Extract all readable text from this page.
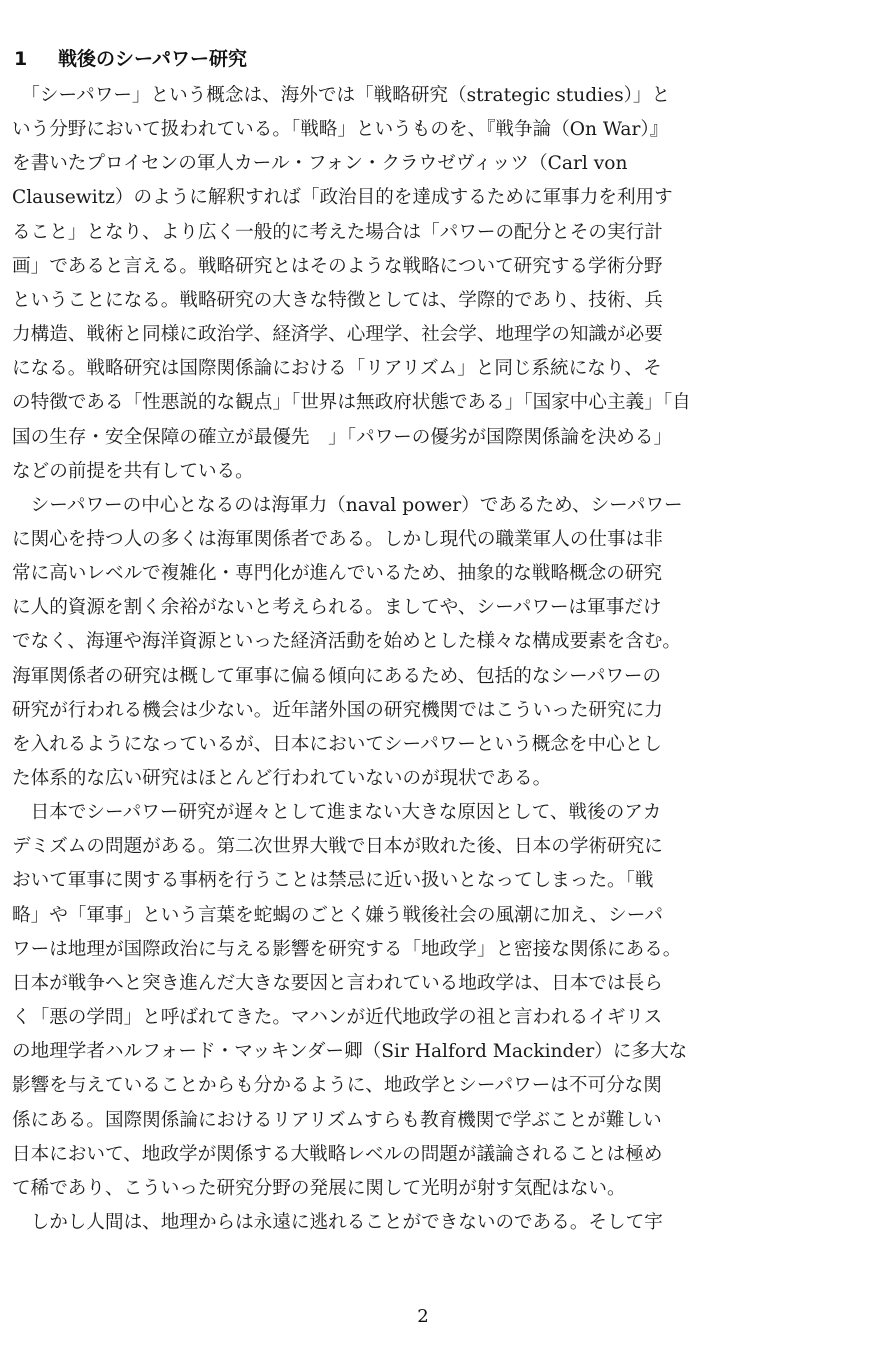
1 戦後のシーパワー研究
　「シーパワー」という概念は、海外では「戦略研究（strategic studies）」と
いう分野において扱われている。「戦略」というものを、『戦争論（On War）』
を書いたプロイセンの軍人カール・フォン・クラウゼヴィッツ（Carl von
Clausewitz）のように解釈すれば「政治目的を達成するために軍事力を利用す
ること」となり、より広く一般的に考えた場合は「パワーの配分とその実行計
画」であると言える。戦略研究とはそのような戦略について研究する学術分野
ということになる。戦略研究の大きな特徴としては、学際的であり、技術、兵
力構造、戦術と同様に政治学、経済学、心理学、社会学、地理学の知識が必要
になる。戦略研究は国際関係論における「リアリズム」と同じ系統になり、そ
の特徴である「性悪説的な観点」「世界は無政府状態である」「国家中心主義」「自
国の生存・安全保障の確立が最優先　」「パワーの優劣が国際関係論を決める」
などの前提を共有している。
　シーパワーの中心となるのは海軍力（naval power）であるため、シーパワー
に関心を持つ人の多くは海軍関係者である。しかし現代の職業軍人の仕事は非
常に高いレベルで複雑化・専門化が進んでいるため、抽象的な戦略概念の研究
に人的資源を割く余裕がないと考えられる。ましてや、シーパワーは軍事だけ
でなく、海運や海洋資源といった経済活動を始めとした様々な構成要素を含む。
海軍関係者の研究は概して軍事に偏る傾向にあるため、包括的なシーパワーの
研究が行われる機会は少ない。近年諸外国の研究機関ではこういった研究に力
を入れるようになっているが、日本においてシーパワーという概念を中心とし
た体系的な広い研究はほとんど行われていないのが現状である。
　日本でシーパワー研究が遅々として進まない大きな原因として、戦後のアカ
デミズムの問題がある。第二次世界大戦で日本が敗れた後、日本の学術研究に
おいて軍事に関する事柄を行うことは禁忌に近い扱いとなってしまった。「戦
略」や「軍事」という言葉を蛇蝎のごとく嫌う戦後社会の風潮に加え、シーパ
ワーは地理が国際政治に与える影響を研究する「地政学」と密接な関係にある。
日本が戦争へと突き進んだ大きな要因と言われている地政学は、日本では長ら
く「悪の学問」と呼ばれてきた。マハンが近代地政学の祖と言われるイギリス
の地理学者ハルフォード・マッキンダー卿（Sir Halford Mackinder）に多大な
影響を与えていることからも分かるように、地政学とシーパワーは不可分な関
係にある。国際関係論におけるリアリズムすらも教育機関で学ぶことが難しい
日本において、地政学が関係する大戦略レベルの問題が議論されることは極め
て稀であり、こういった研究分野の発展に関して光明が射す気配はない。
　しかし人間は、地理からは永遠に逃れることができないのである。そして宇
2
